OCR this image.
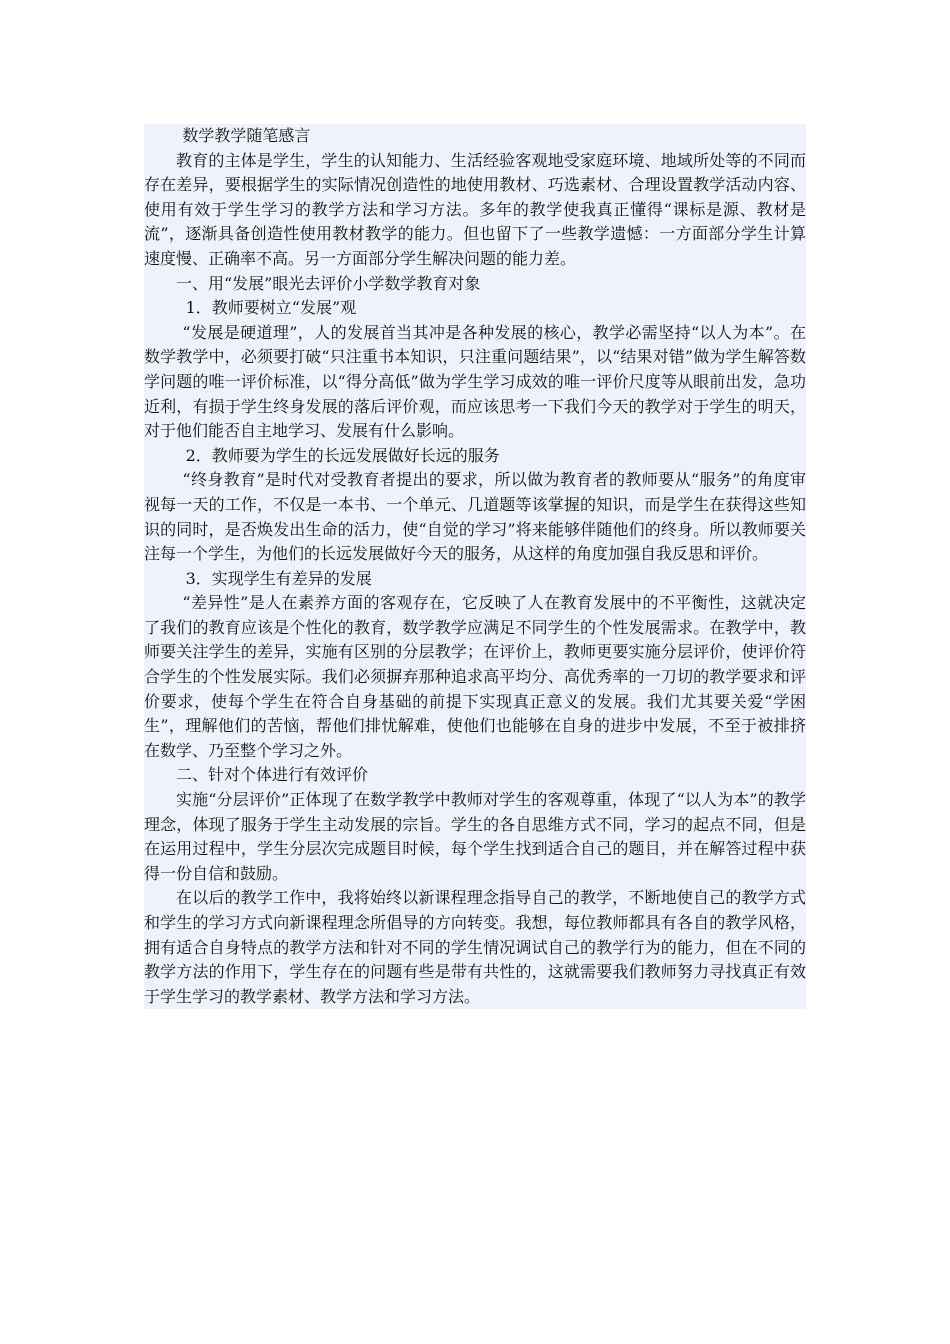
数学教学随笔感言

教育的主体是学生，学生的认知能力、生活经验客观地受家庭环境、地域所处等的不同而存在差异，要根据学生的实际情况创造性的地使用教材、巧选素材、合理设置教学活动内容、使用有效于学生学习的教学方法和学习方法。多年的教学使我真正懂得“课标是源、教材是流”，逐渐具备创造性使用教材教学的能力。但也留下了一些教学遗憾：一方面部分学生计算速度慢、正确率不高。另一方面部分学生解决问题的能力差。

一、用“发展”眼光去评价小学数学教育对象

1．教师要树立“发展”观

“发展是硬道理”，人的发展首当其冲是各种发展的核心，教学必需坚持“以人为本”。在数学教学中，必须要打破“只注重书本知识，只注重问题结果”，以“结果对错”做为学生解答数学问题的唯一评价标准，以“得分高低”做为学生学习成效的唯一评价尺度等从眼前出发，急功近利，有损于学生终身发展的落后评价观，而应该思考一下我们今天的教学对于学生的明天，对于他们能否自主地学习、发展有什么影响。

2．教师要为学生的长远发展做好长远的服务

“终身教育”是时代对受教育者提出的要求，所以做为教育者的教师要从“服务”的角度审视每一天的工作，不仅是一本书、一个单元、几道题等该掌握的知识，而是学生在获得这些知识的同时，是否焕发出生命的活力，使“自觉的学习”将来能够伴随他们的终身。所以教师要关注每一个学生，为他们的长远发展做好今天的服务，从这样的角度加强自我反思和评价。

3．实现学生有差异的发展

“差异性”是人在素养方面的客观存在，它反映了人在教育发展中的不平衡性，这就决定了我们的教育应该是个性化的教育，数学教学应满足不同学生的个性发展需求。在教学中，教师要关注学生的差异，实施有区别的分层教学；在评价上，教师更要实施分层评价，使评价符合学生的个性发展实际。我们必须摒弃那种追求高平均分、高优秀率的一刀切的教学要求和评价要求，使每个学生在符合自身基础的前提下实现真正意义的发展。我们尤其要关爱“学困生”，理解他们的苦恼，帮他们排忧解难，使他们也能够在自身的进步中发展，不至于被排挤在数学、乃至整个学习之外。

二、针对个体进行有效评价

实施“分层评价”正体现了在数学教学中教师对学生的客观尊重，体现了“以人为本”的教学理念，体现了服务于学生主动发展的宗旨。学生的各自思维方式不同，学习的起点不同，但是在运用过程中，学生分层次完成题目时候，每个学生找到适合自己的题目，并在解答过程中获得一份自信和鼓励。

在以后的教学工作中，我将始终以新课程理念指导自己的教学，不断地使自己的教学方式和学生的学习方式向新课程理念所倡导的方向转变。我想，每位教师都具有各自的教学风格，拥有适合自身特点的教学方法和针对不同的学生情况调试自己的教学行为的能力，但在不同的教学方法的作用下，学生存在的问题有些是带有共性的，这就需要我们教师努力寻找真正有效于学生学习的教学素材、教学方法和学习方法。
